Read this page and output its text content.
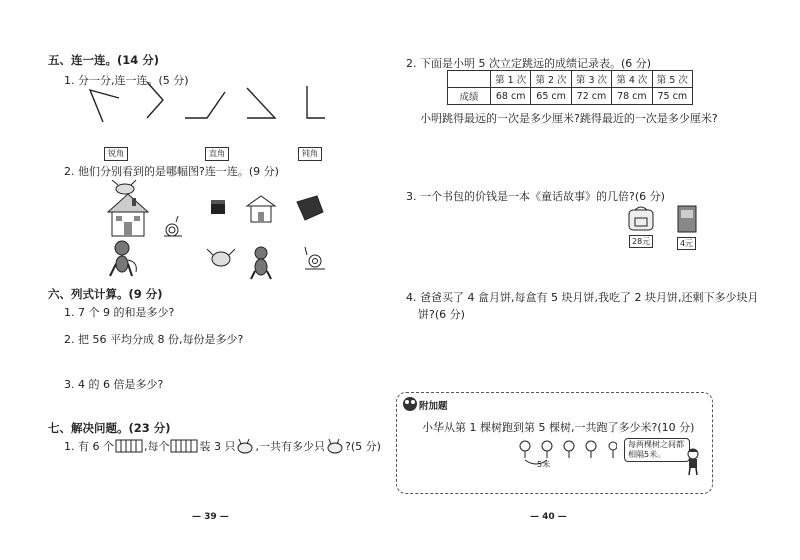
五、连一连。(14 分)
1. 分一分,连一连。(5 分)
锐角	直角	钝角
2. 他们分别看到的是哪幅图?连一连。(9 分)
六、列式计算。(9 分)
1. 7 个 9 的和是多少?
2. 把 56 平均分成 8 份,每份是多少?
3. 4 的 6 倍是多少?
七、解决问题。(23 分)
1. 有 6 个	,每个	装 3 只 ,一共有多少只 ?(5 分)
— 39 —
2. 下面是小明 5 次立定跳远的成绩记录表。(6 分)
	第 1 次	第 2 次	第 3 次	第 4 次	第 5 次
成绩	68 cm	65 cm	72 cm	78 cm	75 cm
小明跳得最远的一次是多少厘米?跳得最近的一次是多少厘米?
3. 一个书包的价钱是一本《童话故事》的几倍?(6 分)
28元	4元
4. 爸爸买了 4 盒月饼,每盒有 5 块月饼,我吃了 2 块月饼,还剩下多少块月
饼?(6 分)
附加题
小华从第 1 棵树跑到第 5 棵树,一共跑了多少米?(10 分)
5米
每两棵树之间都相隔5米。
— 40 —
